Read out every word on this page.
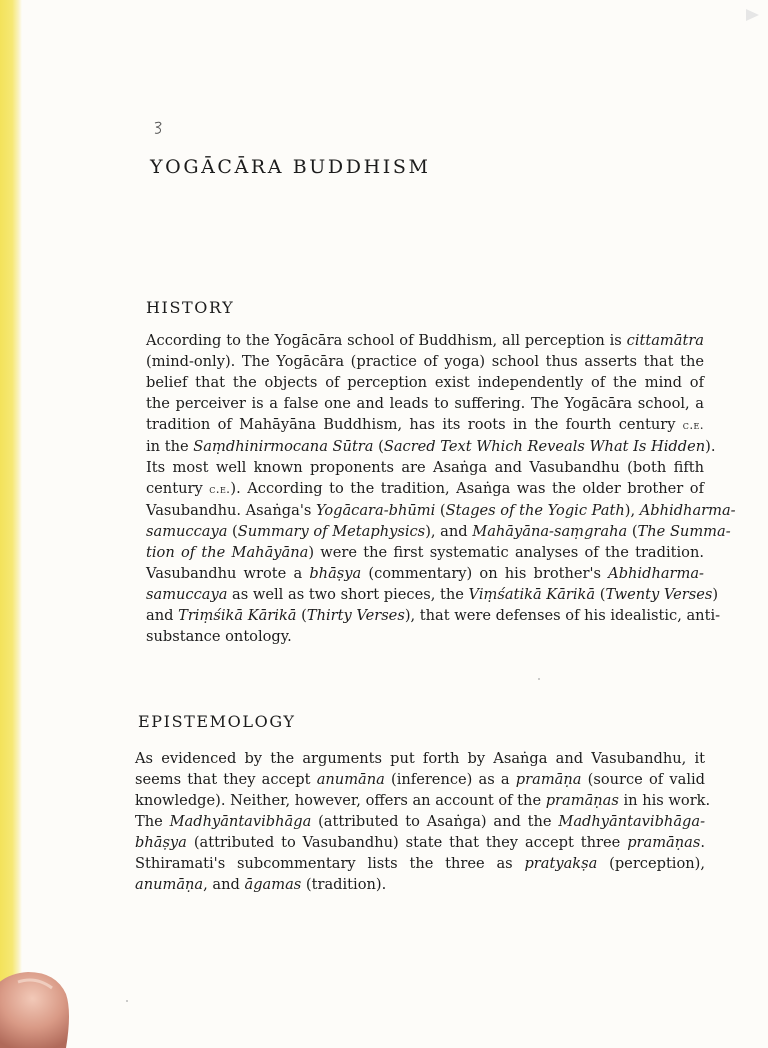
YOGĀCĀRA BUDDHISM
HISTORY
According to the Yogācāra school of Buddhism, all perception is cittamātra
(mind-only). The Yogācāra (practice of yoga) school thus asserts that the
belief that the objects of perception exist independently of the mind of
the perceiver is a false one and leads to suffering. The Yogācāra school, a
tradition of Mahāyāna Buddhism, has its roots in the fourth century c.e.
in the Saṃdhinirmocana Sūtra (Sacred Text Which Reveals What Is Hidden).
Its most well known proponents are Asaṅga and Vasubandhu (both fifth
century c.e.). According to the tradition, Asaṅga was the older brother of
Vasubandhu. Asaṅga's Yogācara-bhūmi (Stages of the Yogic Path), Abhidharma-
samuccaya (Summary of Metaphysics), and Mahāyāna-saṃgraha (The Summa-
tion of the Mahāyāna) were the first systematic analyses of the tradition.
Vasubandhu wrote a bhāṣya (commentary) on his brother's Abhidharma-
samuccaya as well as two short pieces, the Viṃśatikā Kārikā (Twenty Verses)
and Triṃśikā Kārikā (Thirty Verses), that were defenses of his idealistic, anti-
substance ontology.
EPISTEMOLOGY
As evidenced by the arguments put forth by Asaṅga and Vasubandhu, it
seems that they accept anumāna (inference) as a pramāṇa (source of valid
knowledge). Neither, however, offers an account of the pramāṇas in his work.
The Madhyāntavibhāga (attributed to Asaṅga) and the Madhyāntavibhāga-
bhāṣya (attributed to Vasubandhu) state that they accept three pramāṇas.
Sthiramati's subcommentary lists the three as pratyakṣa (perception),
anumāṇa, and āgamas (tradition).
